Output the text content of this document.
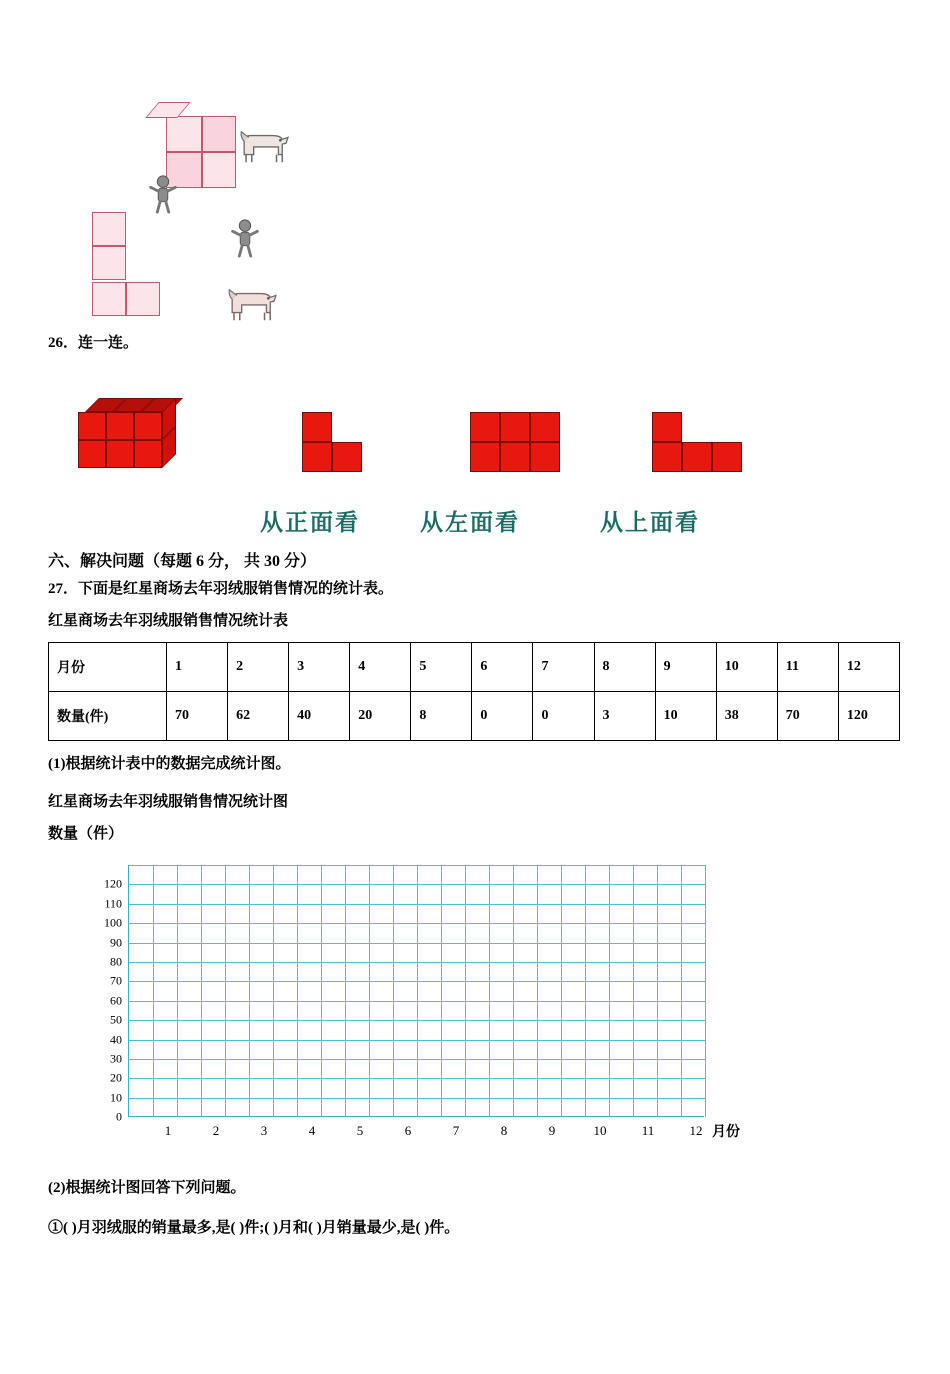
26．连一连。

从正面看	从左面看	从上面看

六、解决问题（每题 6 分， 共 30 分）

27．下面是红星商场去年羽绒服销售情况的统计表。

红星商场去年羽绒服销售情况统计表

月份	1	2	3	4	5	6	7	8	9	10	11	12
数量(件)	70	62	40	20	8	0	0	3	10	38	70	120

(1)根据统计表中的数据完成统计图。

红星商场去年羽绒服销售情况统计图

数量（件）

0
10
20
30
40
50
60
70
80
90
100
110
120
1	2	3	4	5	6	7	8	9	10	11	12 月份

(2)根据统计图回答下列问题。

①( )月羽绒服的销量最多,是( )件;( )月和( )月销量最少,是( )件。
